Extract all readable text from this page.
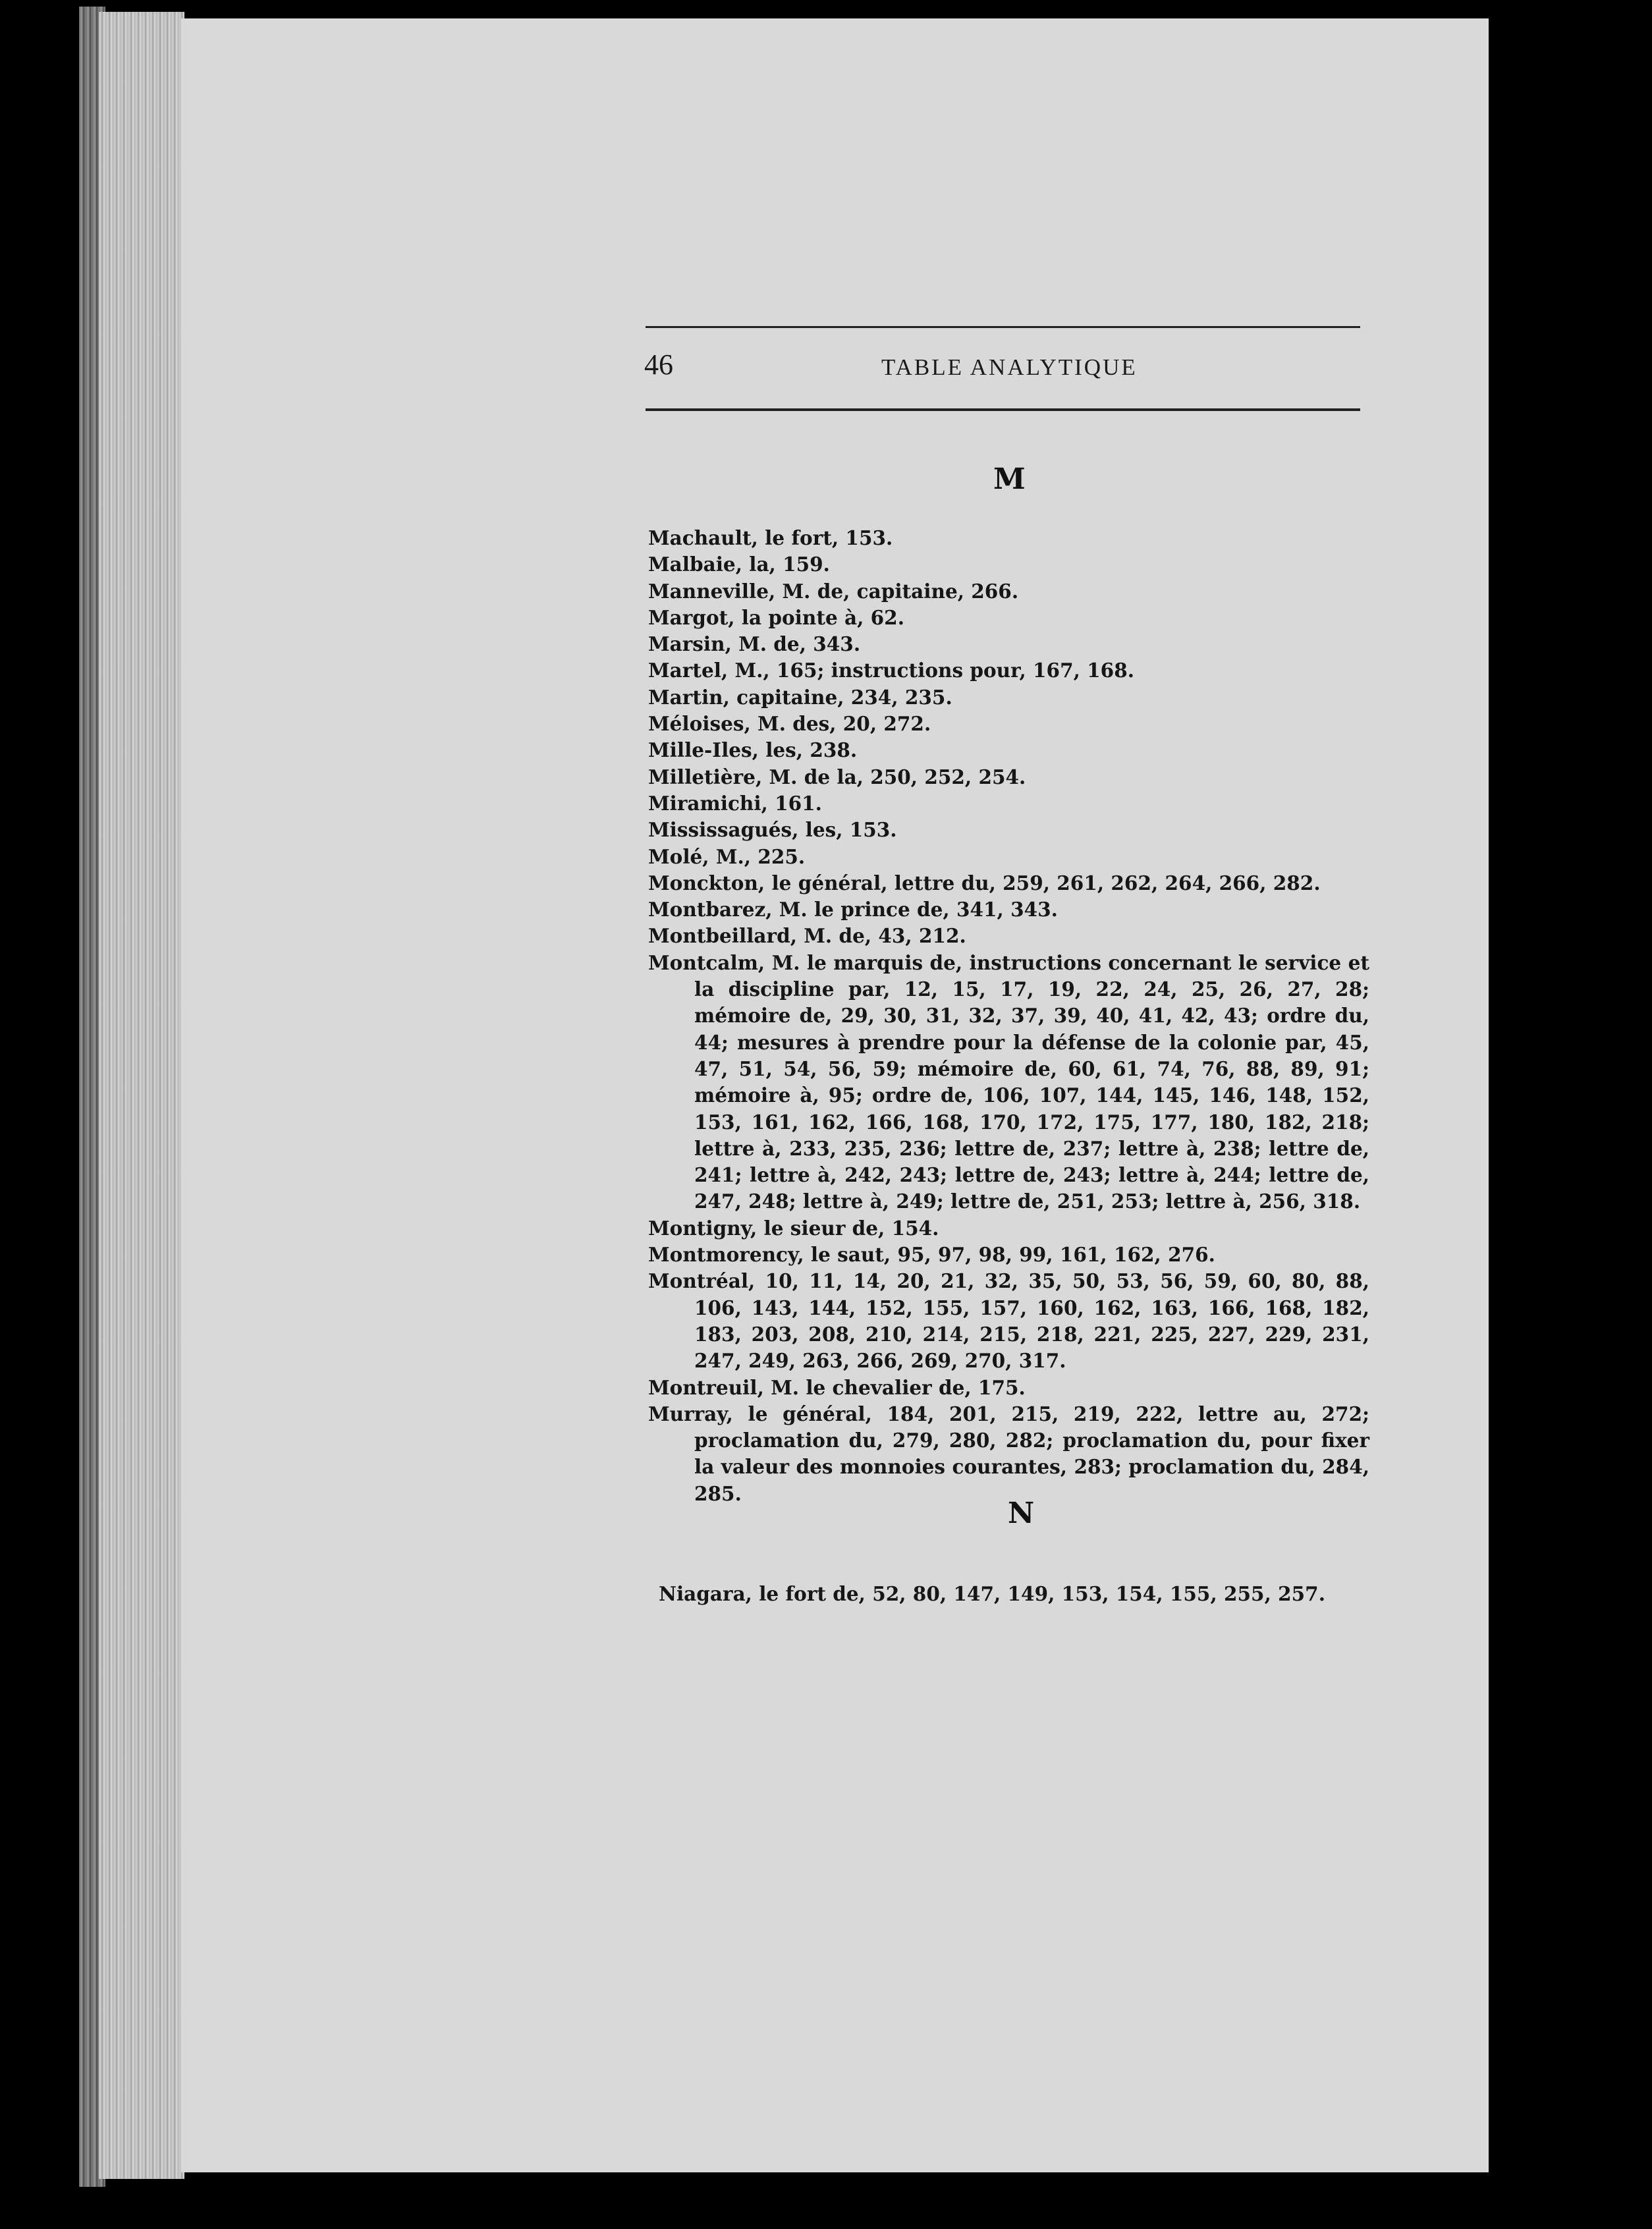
46	TABLE ANALYTIQUE
M
Machault, le fort, 153.
Malbaie, la, 159.
Manneville, M. de, capitaine, 266.
Margot, la pointe à, 62.
Marsin, M. de, 343.
Martel, M., 165; instructions pour, 167, 168.
Martin, capitaine, 234, 235.
Méloises, M. des, 20, 272.
Mille-Iles, les, 238.
Milletière, M. de la, 250, 252, 254.
Miramichi, 161.
Mississagués, les, 153.
Molé, M., 225.
Monckton, le général, lettre du, 259, 261, 262, 264, 266, 282.
Montbarez, M. le prince de, 341, 343.
Montbeillard, M. de, 43, 212.
Montcalm, M. le marquis de, instructions concernant le service et la discipline par, 12, 15, 17, 19, 22, 24, 25, 26, 27, 28; mémoire de, 29, 30, 31, 32, 37, 39, 40, 41, 42, 43; ordre du, 44; mesures à prendre pour la défense de la colonie par, 45, 47, 51, 54, 56, 59; mémoire de, 60, 61, 74, 76, 88, 89, 91; mémoire à, 95; ordre de, 106, 107, 144, 145, 146, 148, 152, 153, 161, 162, 166, 168, 170, 172, 175, 177, 180, 182, 218; lettre à, 233, 235, 236; lettre de, 237; lettre à, 238; lettre de, 241; lettre à, 242, 243; lettre de, 243; lettre à, 244; lettre de, 247, 248; lettre à, 249; lettre de, 251, 253; lettre à, 256, 318.
Montigny, le sieur de, 154.
Montmorency, le saut, 95, 97, 98, 99, 161, 162, 276.
Montréal, 10, 11, 14, 20, 21, 32, 35, 50, 53, 56, 59, 60, 80, 88, 106, 143, 144, 152, 155, 157, 160, 162, 163, 166, 168, 182, 183, 203, 208, 210, 214, 215, 218, 221, 225, 227, 229, 231, 247, 249, 263, 266, 269, 270, 317.
Montreuil, M. le chevalier de, 175.
Murray, le général, 184, 201, 215, 219, 222, lettre au, 272; proclamation du, 279, 280, 282; proclamation du, pour fixer la valeur des monnoies courantes, 283; proclamation du, 284, 285.
N
Niagara, le fort de, 52, 80, 147, 149, 153, 154, 155, 255, 257.
